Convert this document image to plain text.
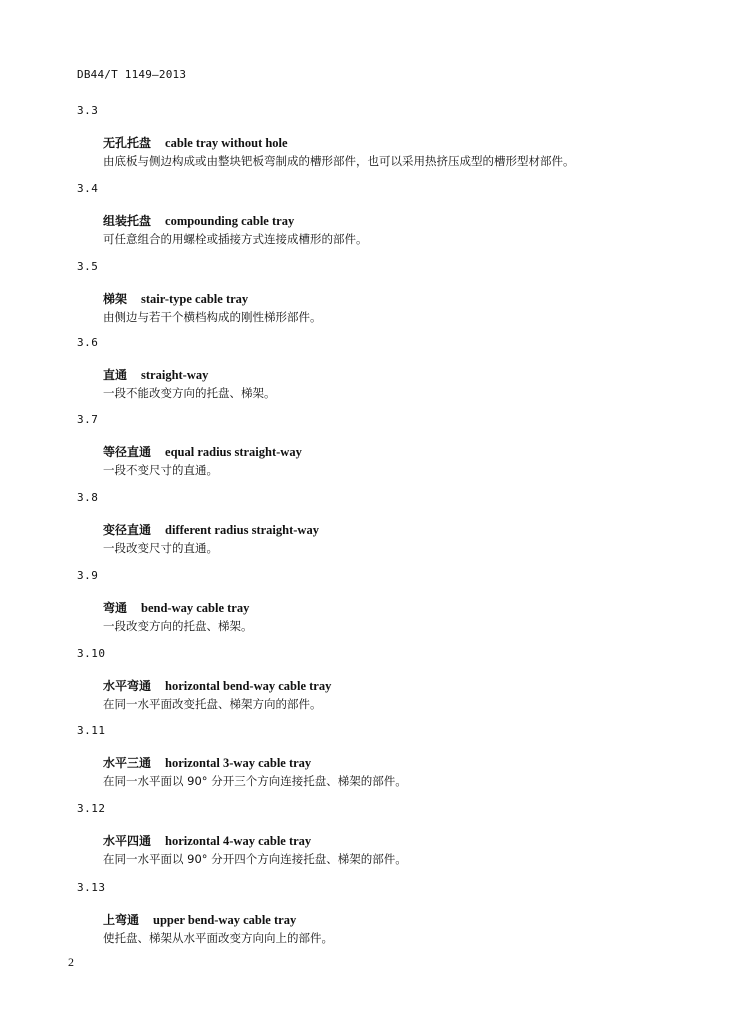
DB44/T 1149—2013
3.3
无孔托盘 cable tray without hole
由底板与侧边构成或由整块钯板弯制成的槽形部件，也可以采用热挤压成型的槽形型材部件。
3.4
组装托盘 compounding cable tray
可任意组合的用螺栓或插接方式连接成槽形的部件。
3.5
梯架 stair-type cable tray
由侧边与若干个横档构成的刚性梯形部件。
3.6
直通 straight-way
一段不能改变方向的托盘、梯架。
3.7
等径直通 equal radius straight-way
一段不变尺寸的直通。
3.8
变径直通 different radius straight-way
一段改变尺寸的直通。
3.9
弯通 bend-way cable tray
一段改变方向的托盘、梯架。
3.10
水平弯通 horizontal bend-way cable tray
在同一水平面改变托盘、梯架方向的部件。
3.11
水平三通 horizontal 3-way cable tray
在同一水平面以 90° 分开三个方向连接托盘、梯架的部件。
3.12
水平四通 horizontal 4-way cable tray
在同一水平面以 90° 分开四个方向连接托盘、梯架的部件。
3.13
上弯通 upper bend-way cable tray
使托盘、梯架从水平面改变方向向上的部件。
2
